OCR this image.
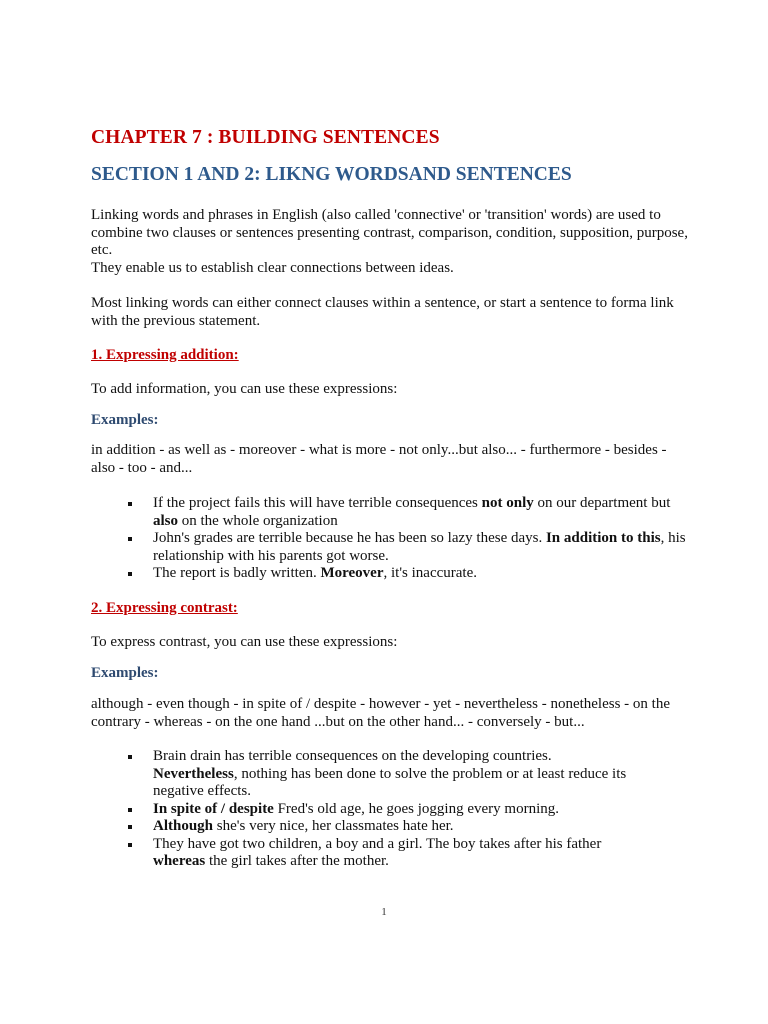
CHAPTER 7 : BUILDING SENTENCES
SECTION 1 AND 2: LIKNG WORDSAND SENTENCES

Linking words and phrases in English (also called 'connective' or 'transition' words) are used to combine two clauses or sentences presenting contrast, comparison, condition, supposition, purpose, etc.
They enable us to establish clear connections between ideas.

Most linking words can either connect clauses within a sentence, or start a sentence to forma link with the previous statement.

1. Expressing addition:

To add information, you can use these expressions:

Examples:

in addition - as well as - moreover - what is more - not only...but also... - furthermore - besides - also - too - and...

If the project fails this will have terrible consequences not only on our department but also on the whole organization
John's grades are terrible because he has been so lazy these days. In addition to this, his relationship with his parents got worse.
The report is badly written. Moreover, it's inaccurate.
2. Expressing contrast:

To express contrast, you can use these expressions:

Examples:

although - even though - in spite of / despite - however - yet - nevertheless - nonetheless - on the contrary - whereas - on the one hand ...but on the other hand... - conversely - but...

Brain drain has terrible consequences on the developing countries. Nevertheless, nothing has been done to solve the problem or at least reduce its negative effects.
In spite of / despite Fred's old age, he goes jogging every morning.
Although she's very nice, her classmates hate her.
They have got two children, a boy and a girl. The boy takes after his father whereas the girl takes after the mother.
1
